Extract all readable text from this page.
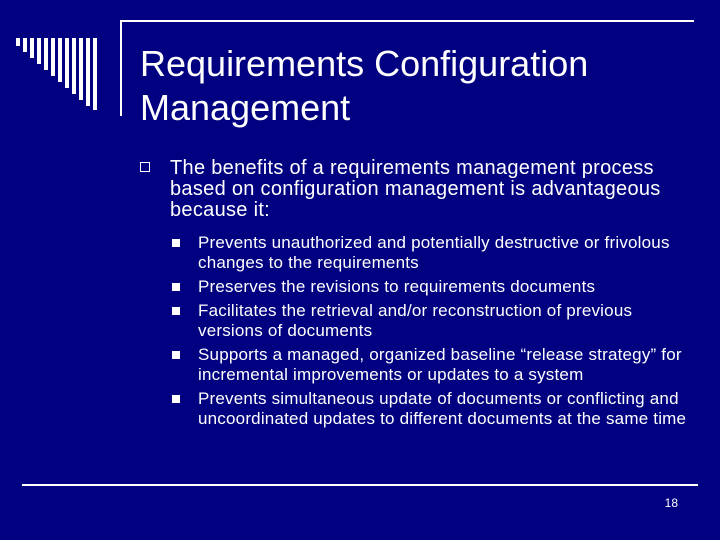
Requirements Configuration Management
The benefits of a requirements management process based on configuration management is advantageous because it:
Prevents unauthorized and potentially destructive or frivolous changes to the requirements
Preserves the revisions to requirements documents
Facilitates the retrieval and/or reconstruction of previous versions of documents
Supports a managed, organized baseline “release strategy” for incremental improvements or updates to a system
Prevents simultaneous update of documents or conflicting and uncoordinated updates to different documents at the same time
18
